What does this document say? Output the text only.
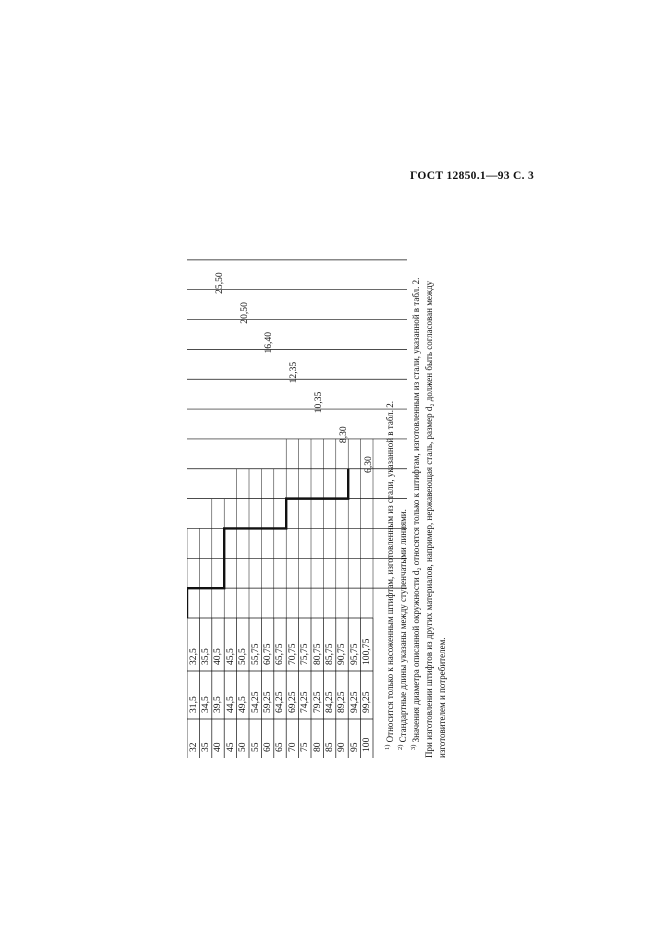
ГОСТ 12850.1—93 С. 3
32
31,5
32,5
35
34,5
35,5
40
39,5
40,5
45
44,5
45,5
50
49,5
50,5
55
54,25
55,75
60
59,25
60,75
65
64,25
65,75
70
69,25
70,75
75
74,25
75,75
80
79,25
80,75
85
84,25
85,75
90
89,25
90,75
95
94,25
95,75
100
99,25
100,75
6,30
8,30
10,35
12,35
16,40
20,50
25,50
$^{1)}$ Относится только к насоженным штифтам, изготовленным из стали, указанной в табл. 2.
$^{2)}$ Стандартные длины указаны между ступенчатыми линиями.
$^{3)}$ Значения диаметра описанной окружности d₂ относятся только к штифтам, изготовленным из стали, указанной в табл. 2. При изготовлении штифтов из других материалов, например, нержавеющая сталь, размер d₂ должен быть согласован между изготовителем и потребителем.
